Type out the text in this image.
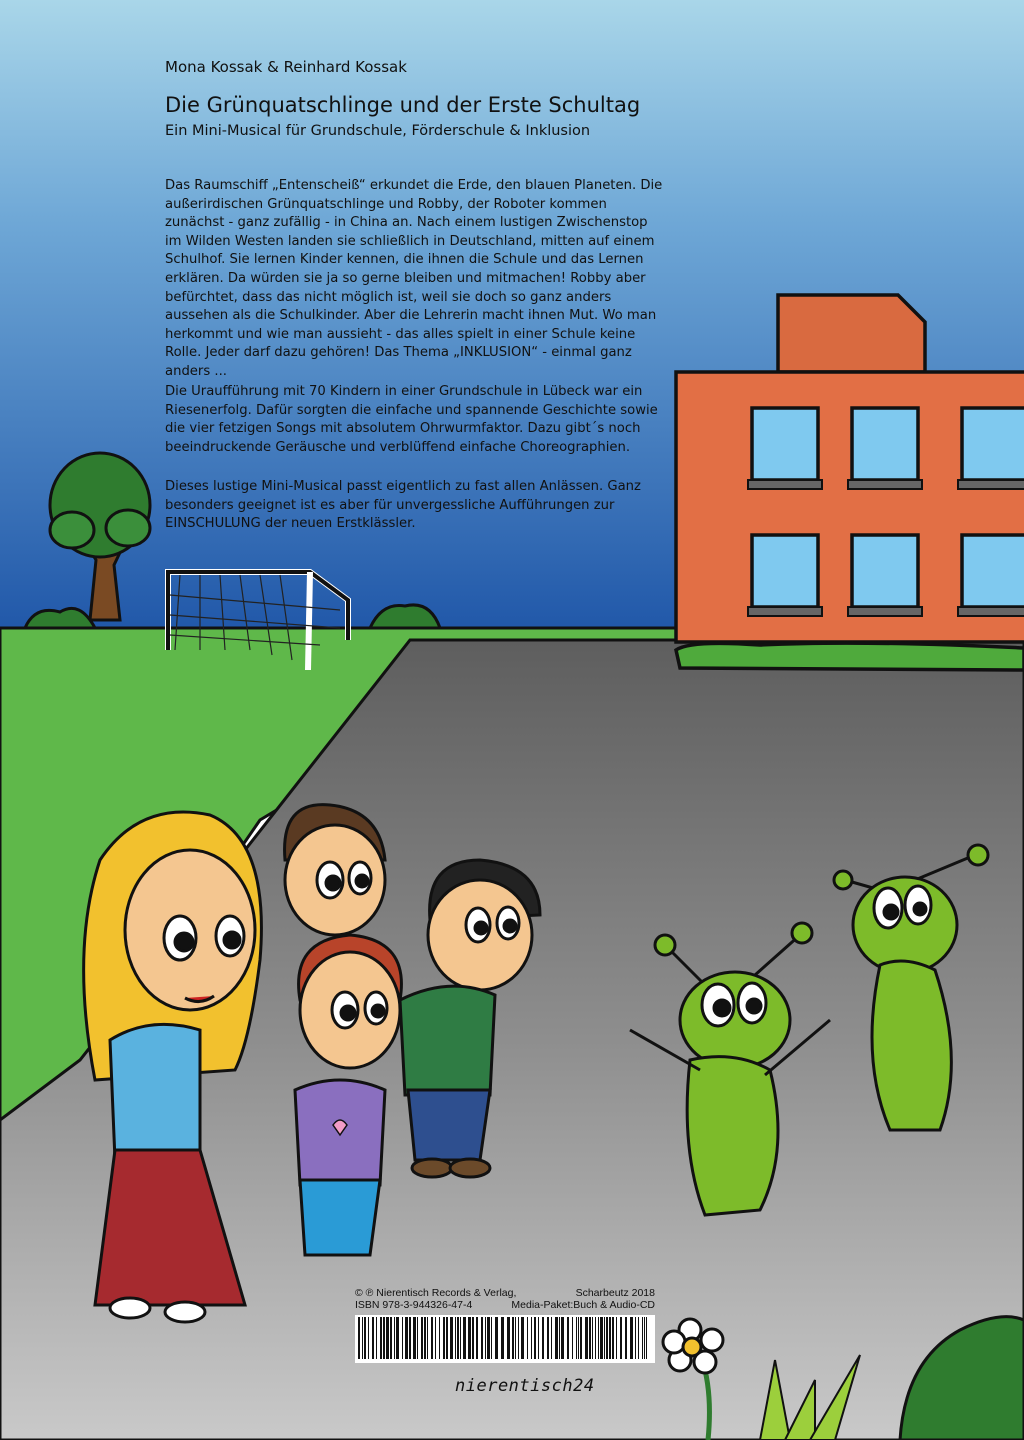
Mona Kossak & Reinhard Kossak
Die Grünquatschlinge und der Erste Schultag
Ein Mini-Musical für Grundschule, Förderschule & Inklusion

Das Raumschiff „Entenscheiß“ erkundet die Erde, den blauen Planeten. Die außerirdischen Grünquatschlinge und Robby, der Roboter kommen zunächst - ganz zufällig - in China an. Nach einem lustigen Zwischenstop im Wilden Westen landen sie schließlich in Deutschland, mitten auf einem Schulhof. Sie lernen Kinder kennen, die ihnen die Schule und das Lernen erklären. Da würden sie ja so gerne bleiben und mitmachen! Robby aber befürchtet, dass das nicht möglich ist, weil sie doch so ganz anders aussehen als die Schulkinder. Aber die Lehrerin macht ihnen Mut. Wo man herkommt und wie man aussieht - das alles spielt in einer Schule keine Rolle. Jeder darf dazu gehören! Das Thema „INKLUSION“ - einmal ganz anders ...

Die Uraufführung mit 70 Kindern in einer Grundschule in Lübeck war ein Riesenerfolg. Dafür sorgten die einfache und spannende Geschichte sowie die vier fetzigen Songs mit absolutem Ohrwurmfaktor. Dazu gibt´s noch beeindruckende Geräusche und verblüffend einfache Choreographien.

Dieses lustige Mini-Musical passt eigentlich zu fast allen Anlässen. Ganz besonders geeignet ist es aber für unvergessliche Aufführungen zur EINSCHULUNG der neuen Erstklässler.

© ℗ Nierentisch Records & Verlag,	Scharbeutz 2018
ISBN 978-3-944326-47-4	Media-Paket:Buch & Audio-CD
nierentisch24
